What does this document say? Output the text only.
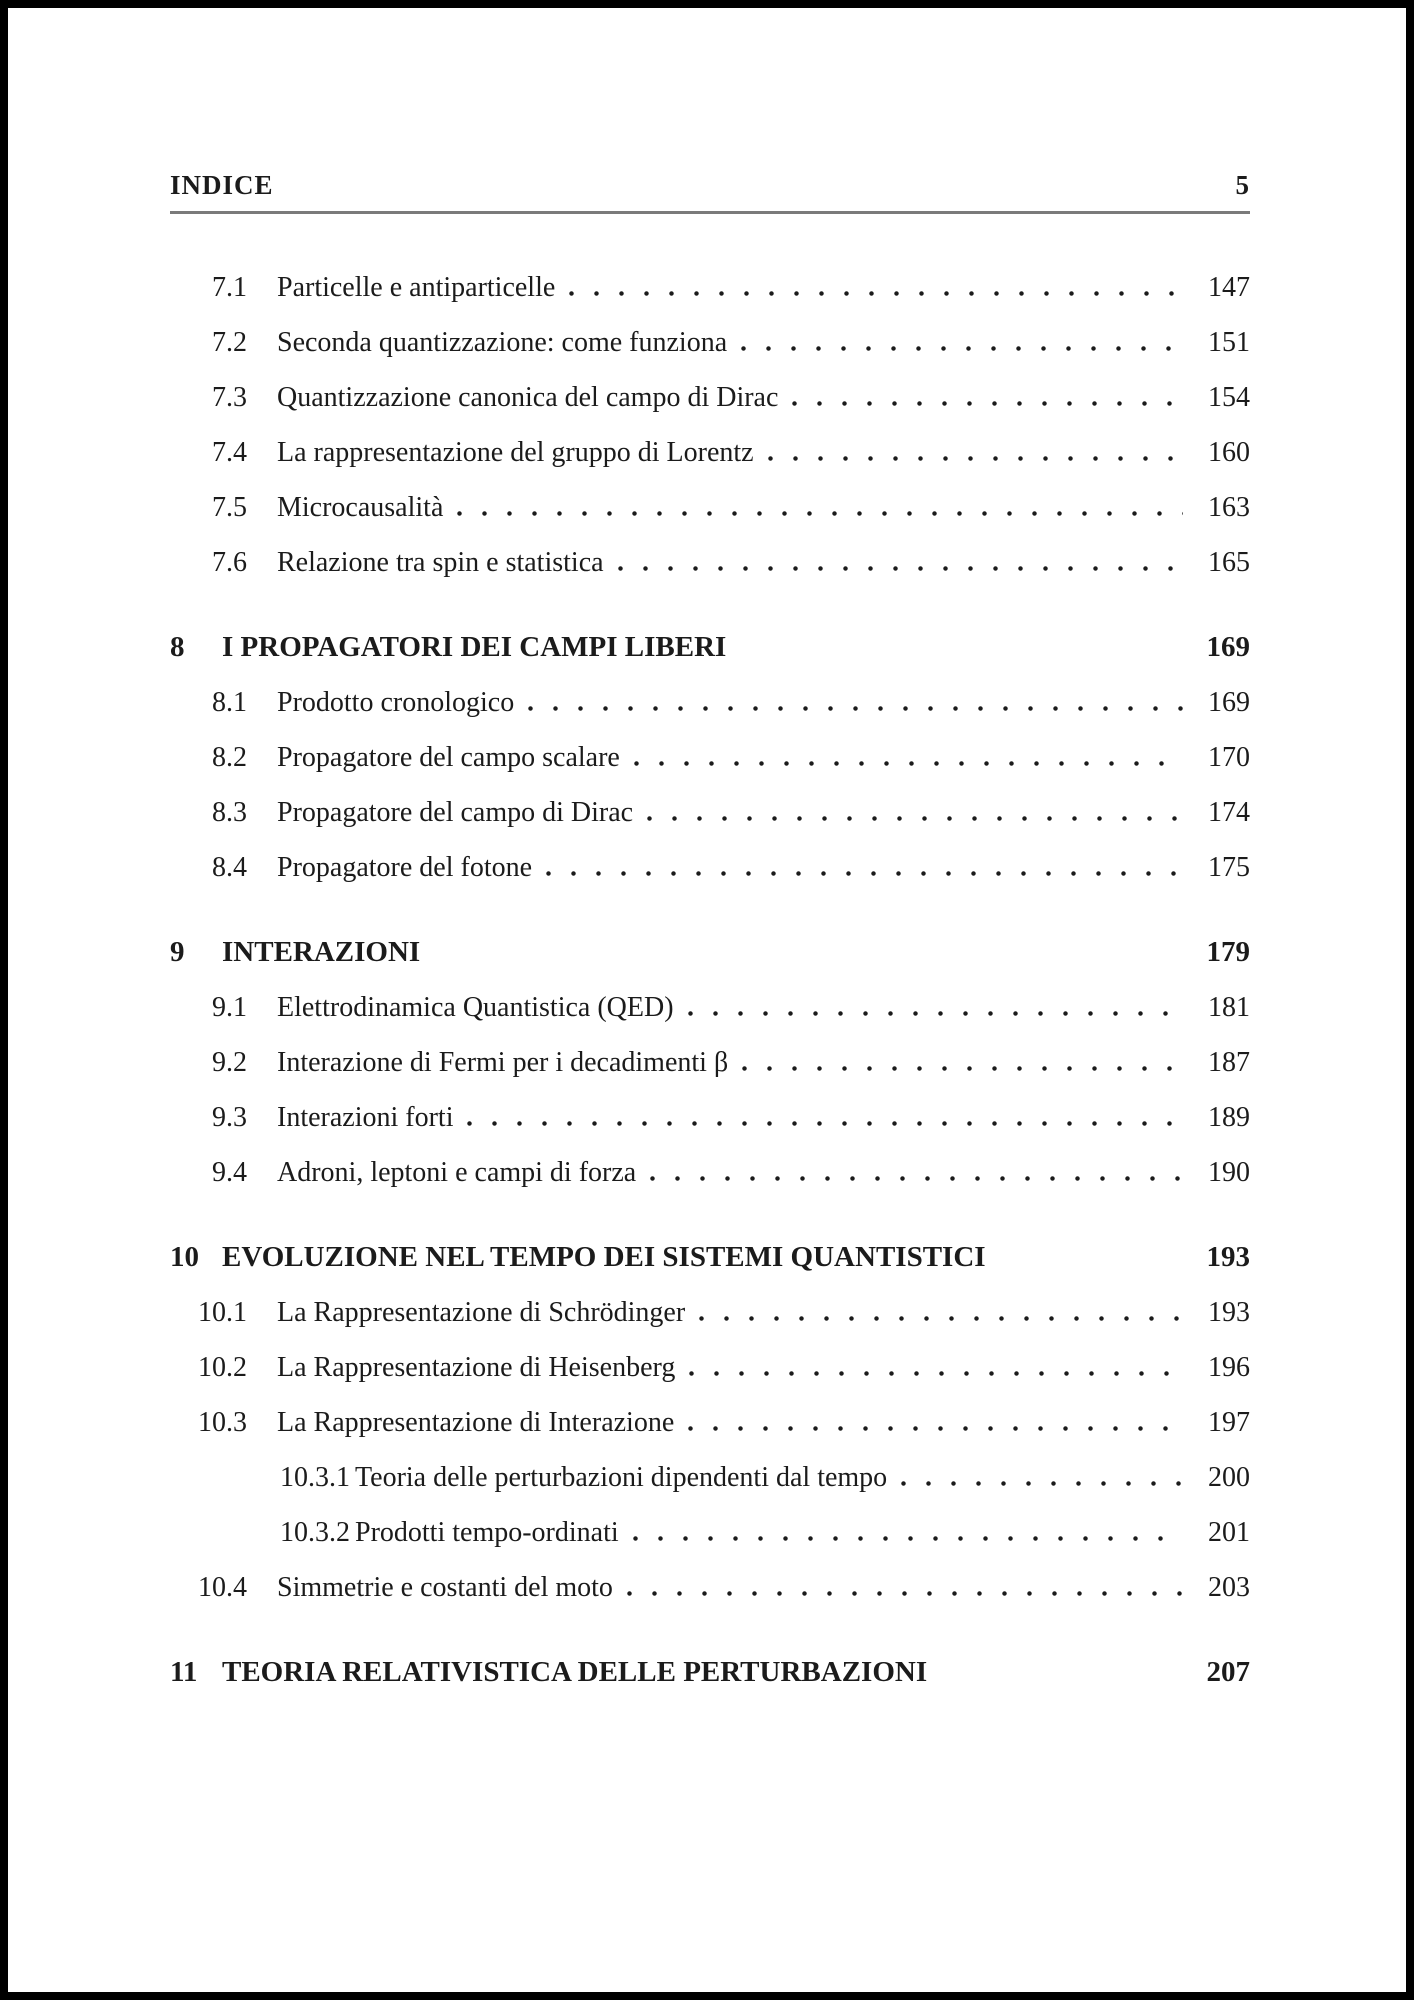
INDICE	5
7.1 Particelle e antiparticelle	147
7.2 Seconda quantizzazione: come funziona	151
7.3 Quantizzazione canonica del campo di Dirac	154
7.4 La rappresentazione del gruppo di Lorentz	160
7.5 Microcausalità	163
7.6 Relazione tra spin e statistica	165
8	I PROPAGATORI DEI CAMPI LIBERI	169
8.1 Prodotto cronologico	169
8.2 Propagatore del campo scalare	170
8.3 Propagatore del campo di Dirac	174
8.4 Propagatore del fotone	175
9	INTERAZIONI	179
9.1 Elettrodinamica Quantistica (QED)	181
9.2 Interazione di Fermi per i decadimenti β	187
9.3 Interazioni forti	189
9.4 Adroni, leptoni e campi di forza	190
10 EVOLUZIONE NEL TEMPO DEI SISTEMI QUANTISTICI	193
10.1 La Rappresentazione di Schrödinger	193
10.2 La Rappresentazione di Heisenberg	196
10.3 La Rappresentazione di Interazione	197
10.3.1 Teoria delle perturbazioni dipendenti dal tempo	200
10.3.2 Prodotti tempo-ordinati	201
10.4 Simmetrie e costanti del moto	203
11 TEORIA RELATIVISTICA DELLE PERTURBAZIONI	207
